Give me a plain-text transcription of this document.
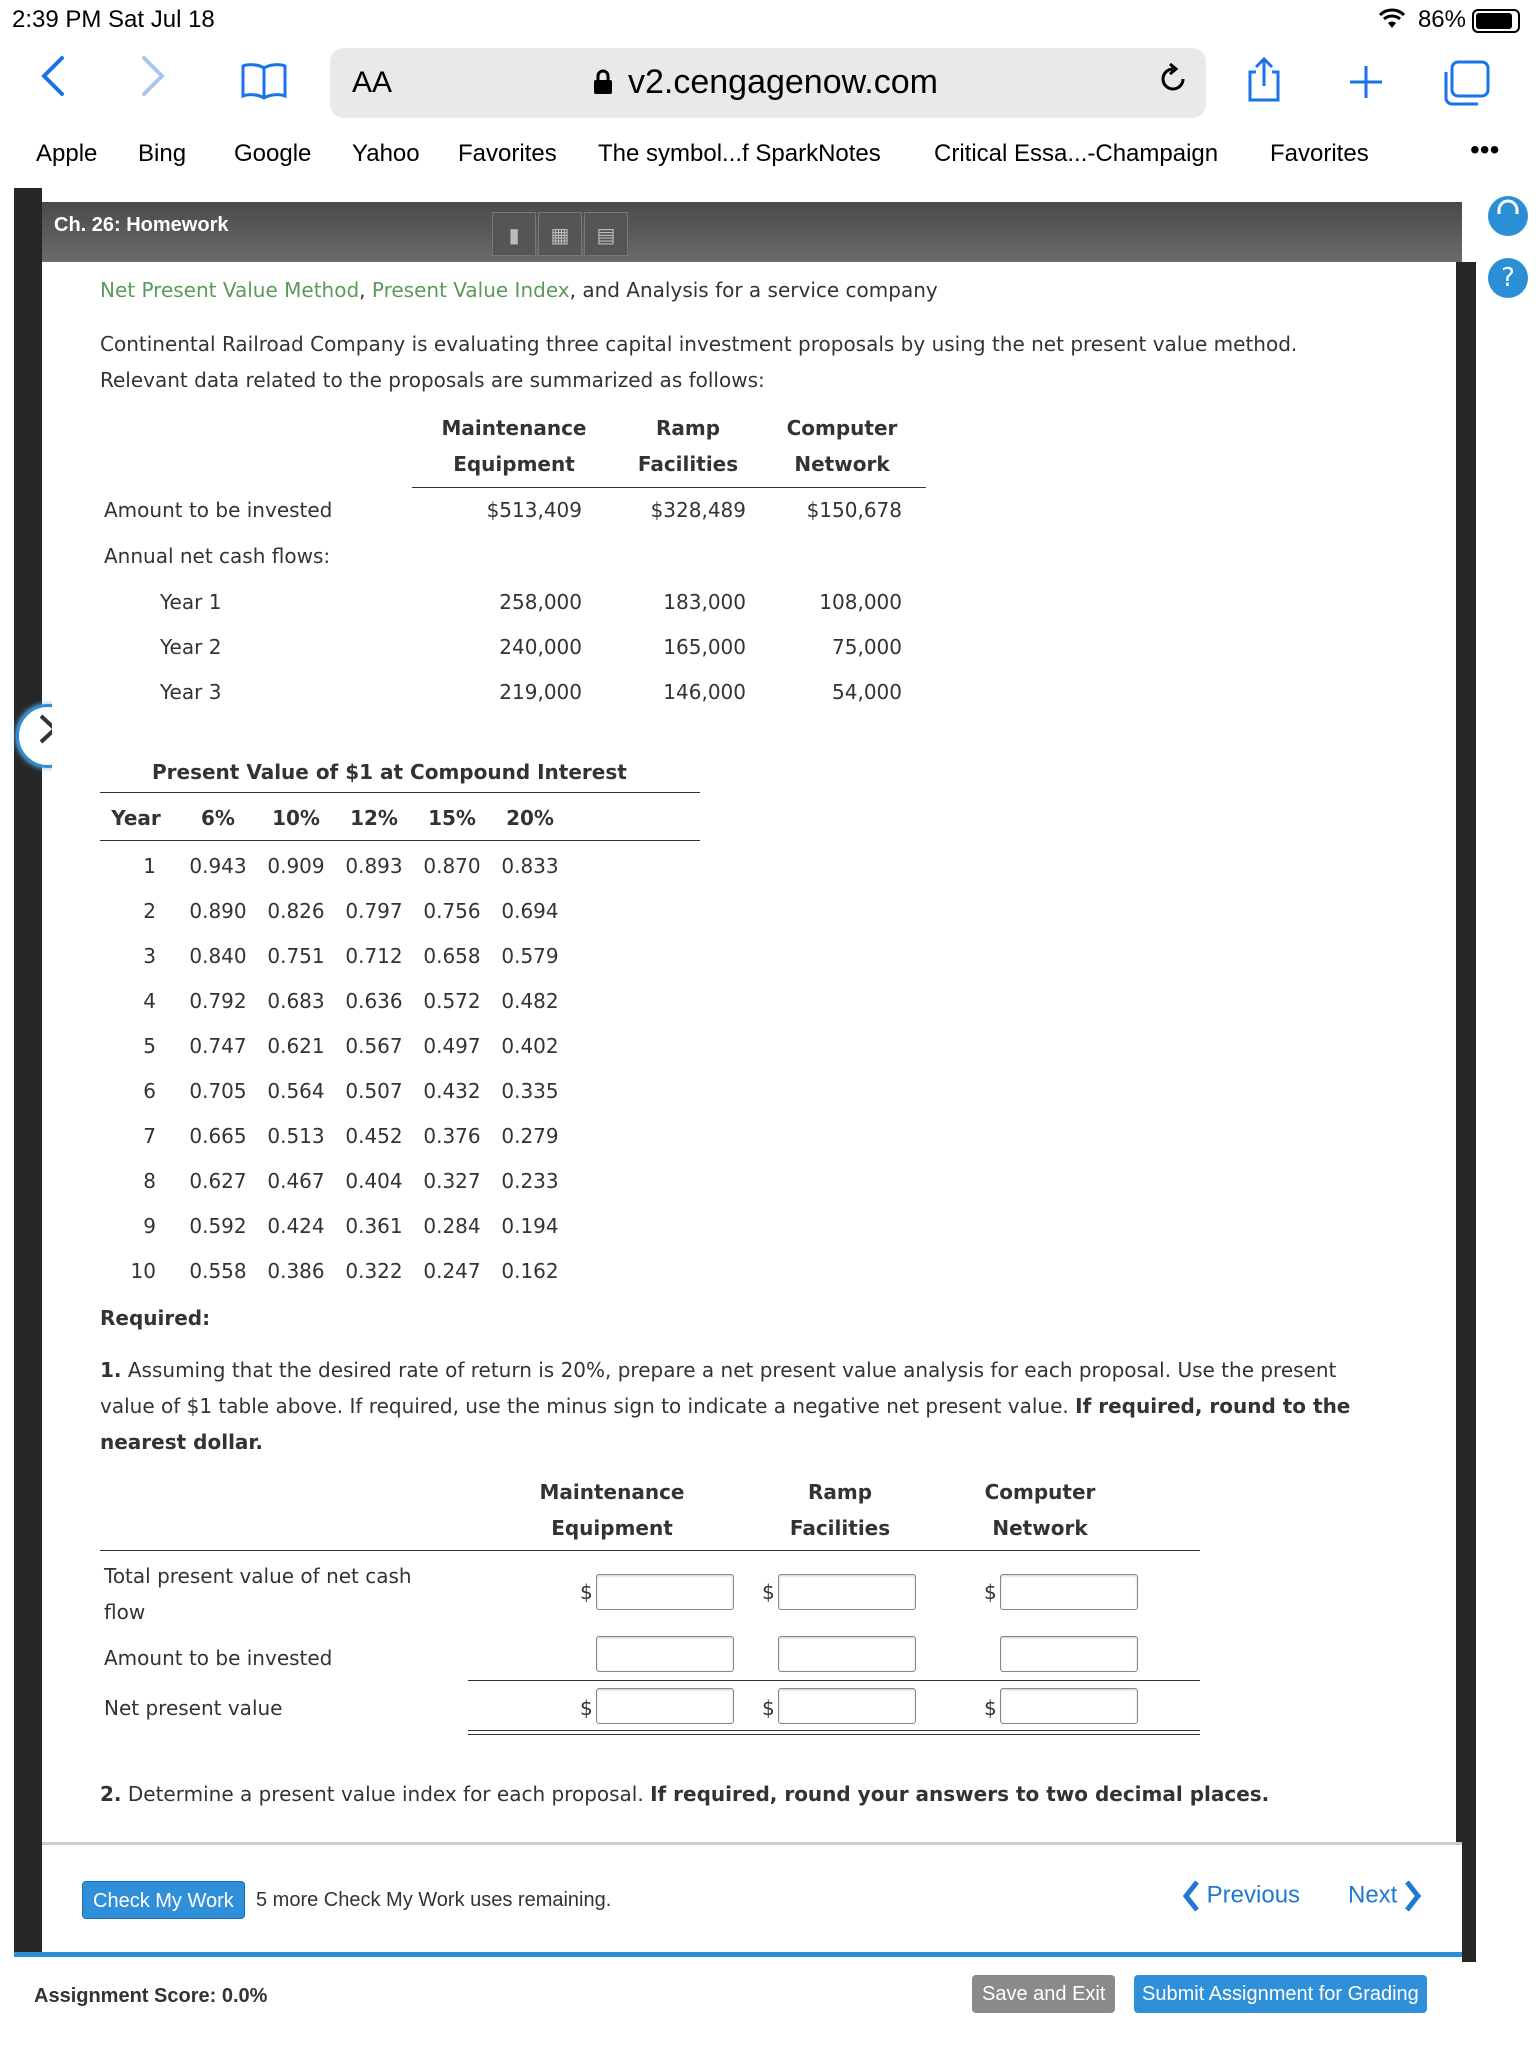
2:39 PM Sat Jul 18	86%
AA	v2.cengagenow.com
Apple Bing Google Yahoo Favorites The symbol...f SparkNotes Critical Essa...-Champaign Favorites	•••
Ch. 26: Homework	▮	▦	▤
?
Net Present Value Method, Present Value Index, and Analysis for a service company
Continental Railroad Company is evaluating three capital investment proposals by using the net present value method.
Relevant data related to the proposals are summarized as follows:
Maintenance
Equipment
Ramp
Facilities
Computer
Network
Amount to be invested	$513,409	$328,489	$150,678
Annual net cash flows:
Year 1	258,000	183,000	108,000
Year 2	240,000	165,000	75,000
Year 3	219,000	146,000	54,000
Present Value of $1 at Compound Interest
Year	6%	10%	12%	15%	20%
1	0.943	0.909	0.893	0.870	0.833
2	0.890	0.826	0.797	0.756	0.694
3	0.840	0.751	0.712	0.658	0.579
4	0.792	0.683	0.636	0.572	0.482
5	0.747	0.621	0.567	0.497	0.402
6	0.705	0.564	0.507	0.432	0.335
7	0.665	0.513	0.452	0.376	0.279
8	0.627	0.467	0.404	0.327	0.233
9	0.592	0.424	0.361	0.284	0.194
10	0.558	0.386	0.322	0.247	0.162
Required:
1. Assuming that the desired rate of return is 20%, prepare a net present value analysis for each proposal. Use the present
value of $1 table above. If required, use the minus sign to indicate a negative net present value. If required, round to the
nearest dollar.
Maintenance
Equipment
Ramp
Facilities
Computer
Network
Total present value of net cash
flow
$	$	$
Amount to be invested
Net present value	$	$	$
2. Determine a present value index for each proposal. If required, round your answers to two decimal places.
Check My Work	5 more Check My Work uses remaining.	Previous Next
Assignment Score: 0.0%	Save and Exit	Submit Assignment for Grading
